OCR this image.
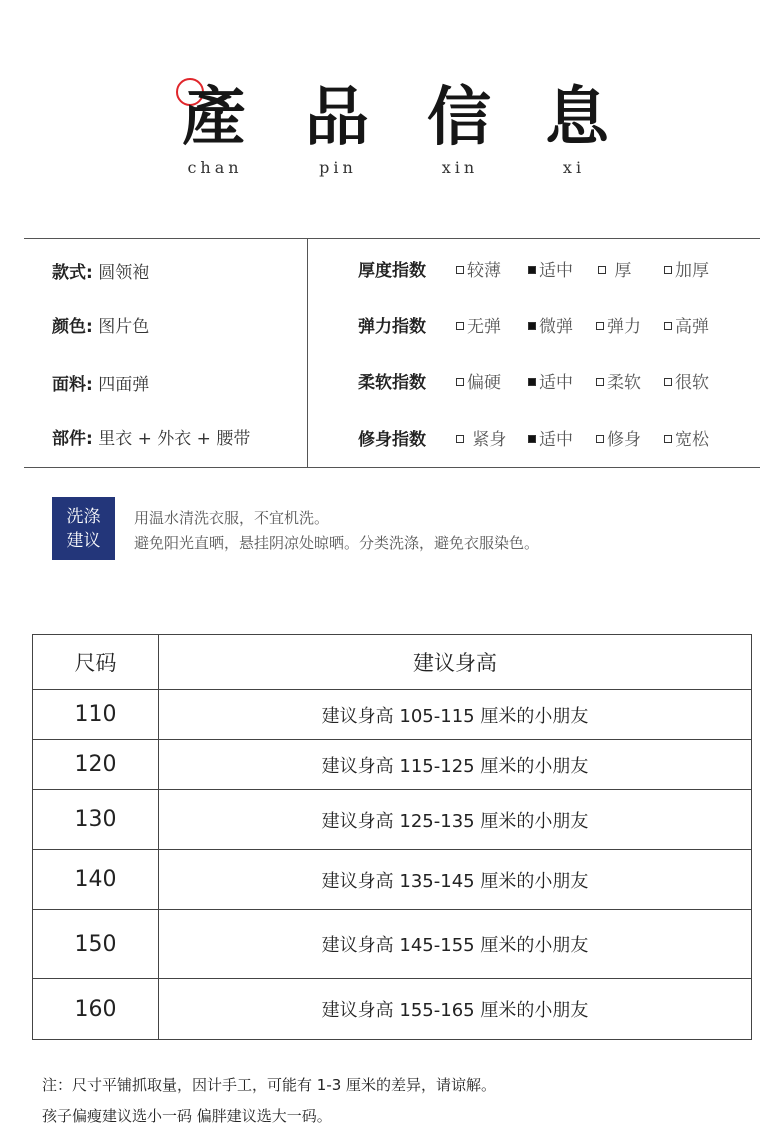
產 品 信 息
chan	pin	xin	xi
款式: 圆领袍
颜色: 图片色
面料: 四面弹
部件: 里衣 + 外衣 + 腰带
厚度指数	较薄	适中	厚	加厚
弹力指数	无弹	微弹	弹力	高弹
柔软指数	偏硬	适中	柔软	很软
修身指数	紧身	适中	修身	宽松
洗涤
建议
用温水清洗衣服，不宜机洗。
避免阳光直晒，悬挂阴凉处晾晒。分类洗涤，避免衣服染色。
尺码	建议身高
110	建议身高 105-115 厘米的小朋友
120	建议身高 115-125 厘米的小朋友
130	建议身高 125-135 厘米的小朋友
140	建议身高 135-145 厘米的小朋友
150	建议身高 145-155 厘米的小朋友
160	建议身高 155-165 厘米的小朋友
注：尺寸平铺抓取量，因计手工，可能有 1-3 厘米的差异，请谅解。
孩子偏瘦建议选小一码 偏胖建议选大一码。
